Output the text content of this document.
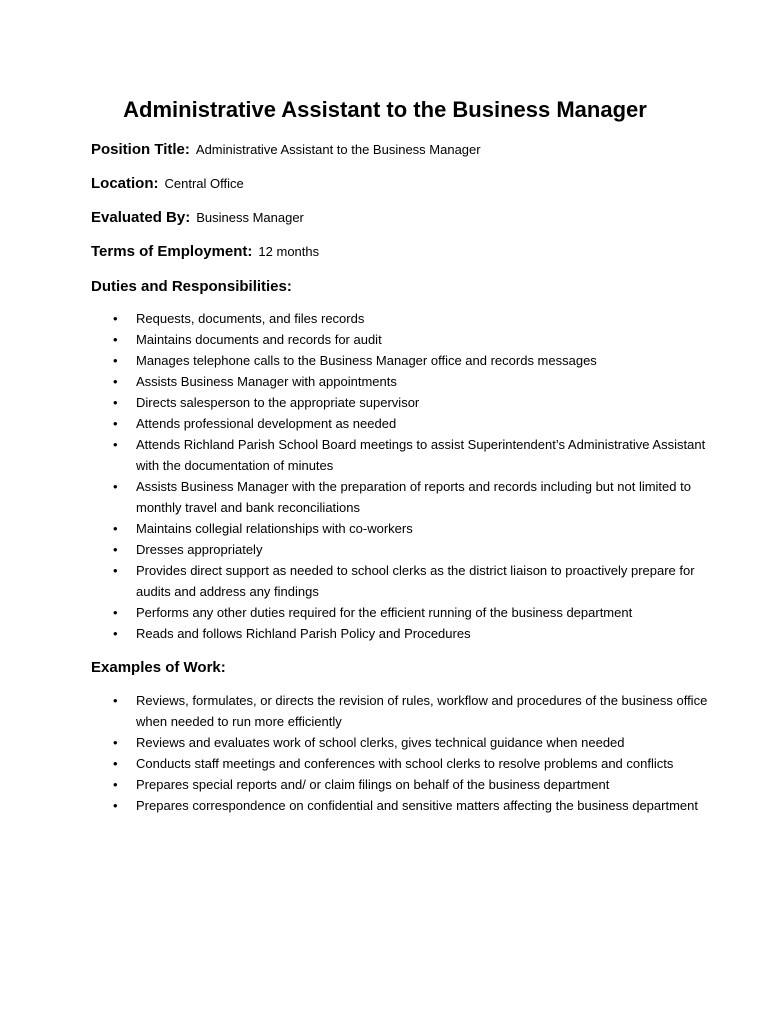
Administrative Assistant to the Business Manager

Position Title: Administrative Assistant to the Business Manager

Location: Central Office

Evaluated By: Business Manager

Terms of Employment: 12 months

Duties and Responsibilities:
• Requests, documents, and files records
• Maintains documents and records for audit
• Manages telephone calls to the Business Manager office and records messages
• Assists Business Manager with appointments
• Directs salesperson to the appropriate supervisor
• Attends professional development as needed
• Attends Richland Parish School Board meetings to assist Superintendent’s Administrative Assistant with the documentation of minutes
• Assists Business Manager with the preparation of reports and records including but not limited to monthly travel and bank reconciliations
• Maintains collegial relationships with co-workers
• Dresses appropriately
• Provides direct support as needed to school clerks as the district liaison to proactively prepare for audits and address any findings
• Performs any other duties required for the efficient running of the business department
• Reads and follows Richland Parish Policy and Procedures
Examples of Work:
• Reviews, formulates, or directs the revision of rules, workflow and procedures of the business office when needed to run more efficiently
• Reviews and evaluates work of school clerks, gives technical guidance when needed
• Conducts staff meetings and conferences with school clerks to resolve problems and conflicts
• Prepares special reports and/ or claim filings on behalf of the business department
• Prepares correspondence on confidential and sensitive matters affecting the business department
